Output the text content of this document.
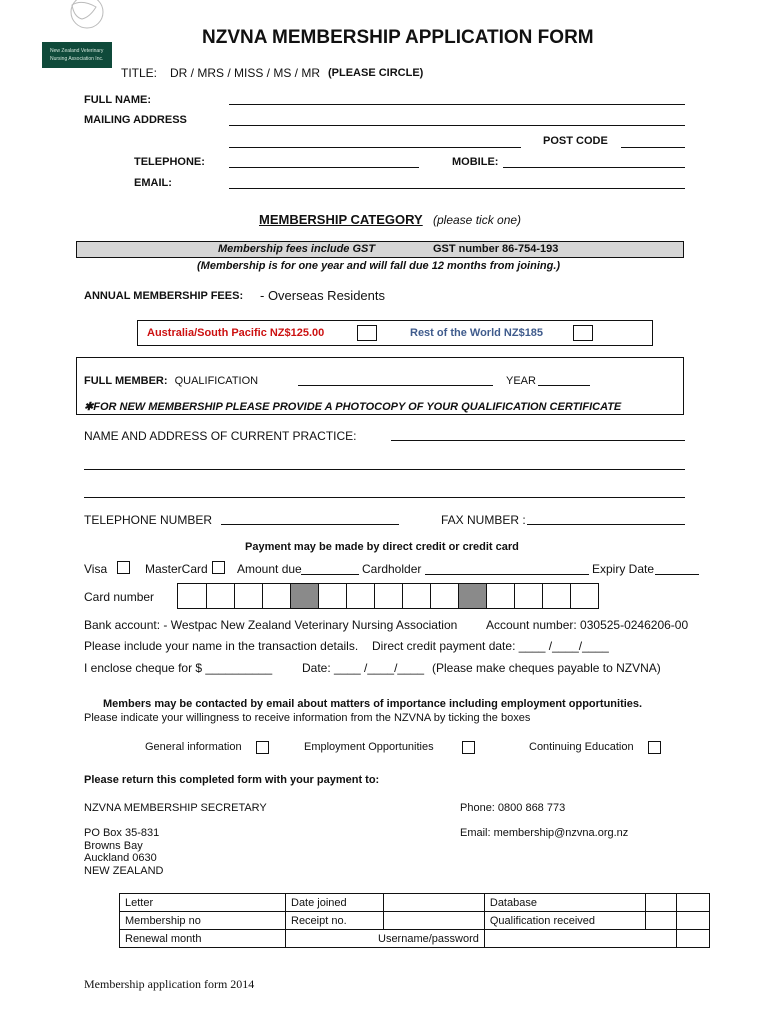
New Zealand Veterinary
Nursing Association Inc.
NZVNA MEMBERSHIP APPLICATION FORM
TITLE: DR / MRS / MISS / MS / MR (PLEASE CIRCLE)
FULL NAME:
MAILING ADDRESS
POST CODE
TELEPHONE:	MOBILE:
EMAIL:
MEMBERSHIP CATEGORY (please tick one)
Membership fees include GST	GST number 86-754-193
(Membership is for one year and will fall due 12 months from joining.)
ANNUAL MEMBERSHIP FEES: - Overseas Residents
Australia/South Pacific NZ$125.00	Rest of the World NZ$185
FULL MEMBER: QUALIFICATION	YEAR
✱FOR NEW MEMBERSHIP PLEASE PROVIDE A PHOTOCOPY OF YOUR QUALIFICATION CERTIFICATE
NAME AND ADDRESS OF CURRENT PRACTICE:
TELEPHONE NUMBER	FAX NUMBER :
Payment may be made by direct credit or credit card
Visa	MasterCard Amount due	Cardholder	Expiry Date
Card number
Bank account: - Westpac New Zealand Veterinary Nursing Association Account number: 030525-0246206-00
Please include your name in the transaction details. Direct credit payment date: ____ /____/____
I enclose cheque for $ __________ Date: ____ /____/____ (Please make cheques payable to NZVNA)
Members may be contacted by email about matters of importance including employment opportunities.
Please indicate your willingness to receive information from the NZVNA by ticking the boxes
General information	Employment Opportunities	Continuing Education
Please return this completed form with your payment to:
NZVNA MEMBERSHIP SECRETARY	Phone: 0800 868 773
PO Box 35-831
Browns Bay
Auckland 0630
NEW ZEALAND
Email: membership@nzvna.org.nz
Letter	Date joined		Database		
Membership no	Receipt no.		Qualification received		
Renewal month	Username/password				
Membership application form 2014
